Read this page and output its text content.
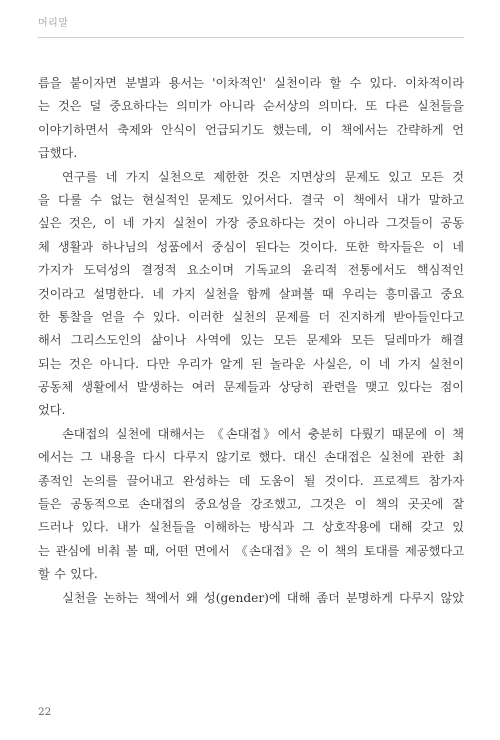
머리말
름을 붙이자면 분별과 용서는 '이차적인' 실천이라 할 수 있다. 이차적이라
는 것은 덜 중요하다는 의미가 아니라 순서상의 의미다. 또 다른 실천들을
이야기하면서 축제와 안식이 언급되기도 했는데, 이 책에서는 간략하게 언
급했다.
연구를 네 가지 실천으로 제한한 것은 지면상의 문제도 있고 모든 것
을 다룰 수 없는 현실적인 문제도 있어서다. 결국 이 책에서 내가 말하고
싶은 것은, 이 네 가지 실천이 가장 중요하다는 것이 아니라 그것들이 공동
체 생활과 하나님의 성품에서 중심이 된다는 것이다. 또한 학자들은 이 네
가지가 도덕성의 결정적 요소이며 기독교의 윤리적 전통에서도 핵심적인
것이라고 설명한다. 네 가지 실천을 함께 살펴볼 때 우리는 흥미롭고 중요
한 통찰을 얻을 수 있다. 이러한 실천의 문제를 더 진지하게 받아들인다고
해서 그리스도인의 삶이나 사역에 있는 모든 문제와 모든 딜레마가 해결
되는 것은 아니다. 다만 우리가 알게 된 놀라운 사실은, 이 네 가지 실천이
공동체 생활에서 발생하는 여러 문제들과 상당히 관련을 맺고 있다는 점이
었다.
손대접의 실천에 대해서는 《손대접》에서 충분히 다뤘기 때문에 이 책
에서는 그 내용을 다시 다루지 않기로 했다. 대신 손대접은 실천에 관한 최
종적인 논의를 끌어내고 완성하는 데 도움이 될 것이다. 프로젝트 참가자
들은 공동적으로 손대접의 중요성을 강조했고, 그것은 이 책의 곳곳에 잘
드러나 있다. 내가 실천들을 이해하는 방식과 그 상호작용에 대해 갖고 있
는 관심에 비춰 볼 때, 어떤 면에서 《손대접》은 이 책의 토대를 제공했다고
할 수 있다.
실천을 논하는 책에서 왜 성(gender)에 대해 좀더 분명하게 다루지 않았
22
